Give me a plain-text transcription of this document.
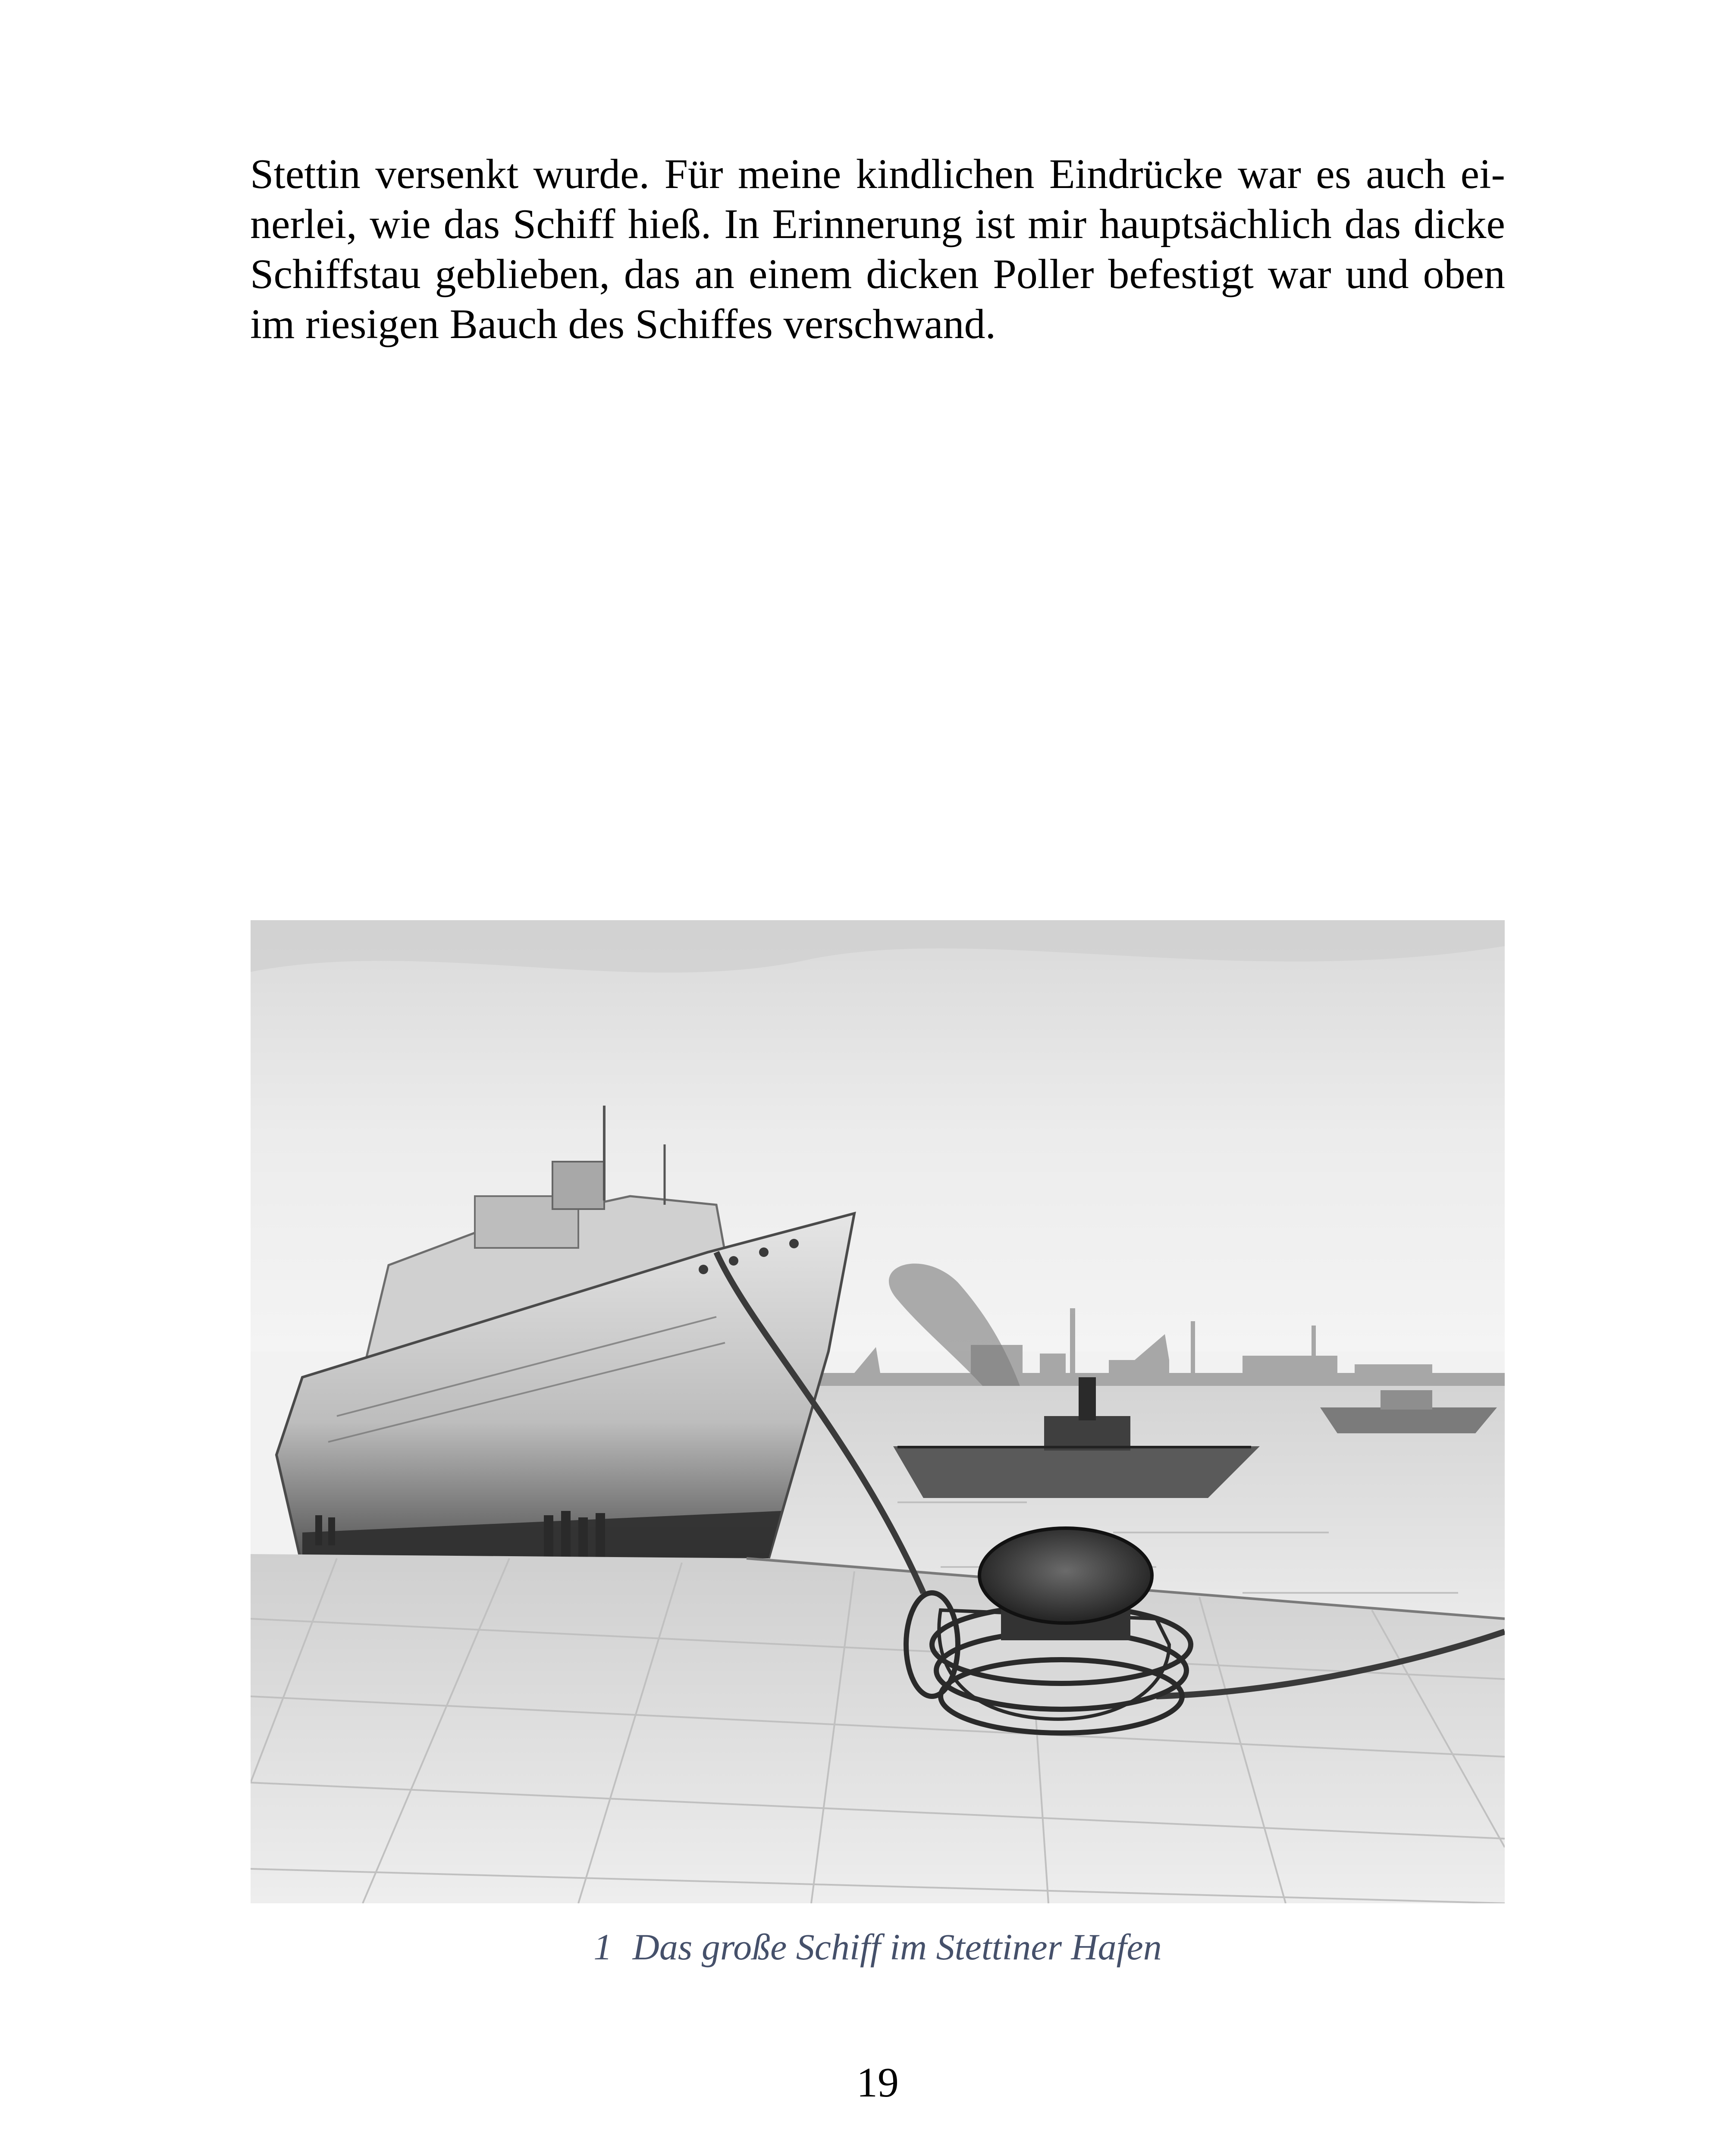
Stettin versenkt wurde. Für meine kindlichen Eindrücke war es auch ei-
nerlei, wie das Schiff hieß. In Erinnerung ist mir hauptsächlich das dicke
Schiffstau geblieben, das an einem dicken Poller befestigt war und oben
im riesigen Bauch des Schiffes verschwand.

1 Das große Schiff im Stettiner Hafen

19
